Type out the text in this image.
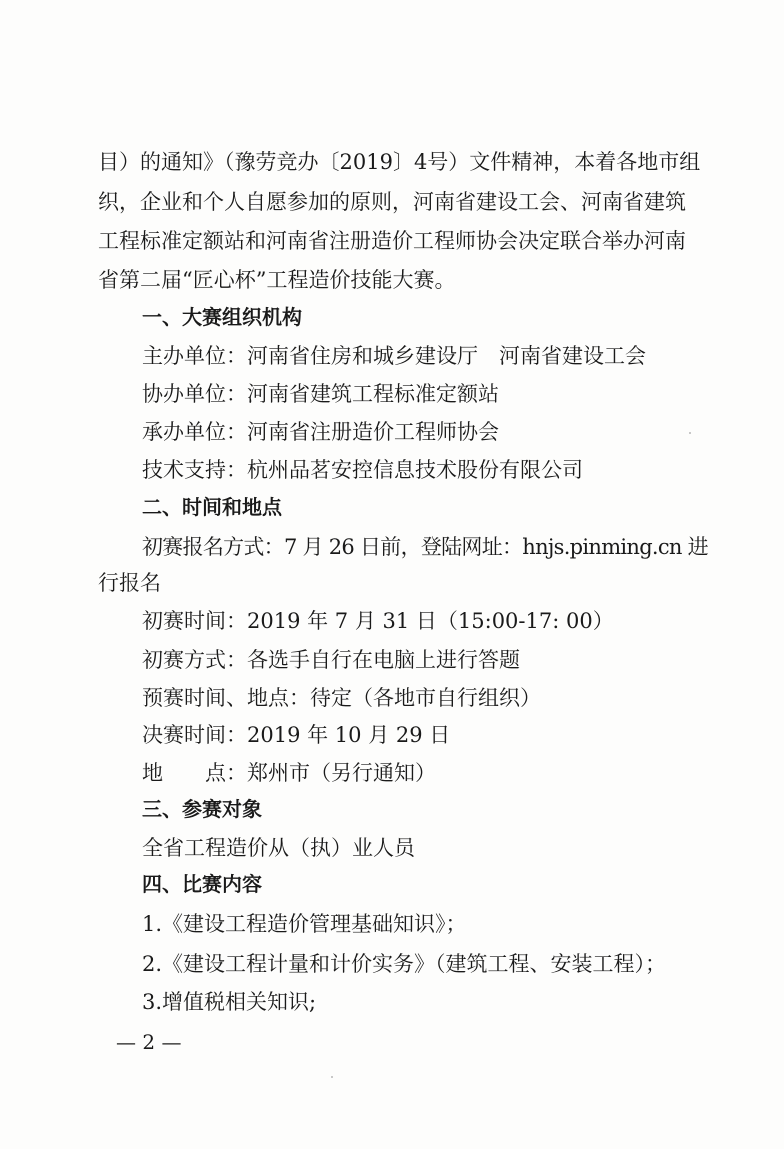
目）的通知》（豫劳竞办〔2019〕4号）文件精神，本着各地市组
织，企业和个人自愿参加的原则，河南省建设工会、河南省建筑
工程标准定额站和河南省注册造价工程师协会决定联合举办河南
省第二届“匠心杯”工程造价技能大赛。
一、大赛组织机构
主办单位：河南省住房和城乡建设厅　河南省建设工会
协办单位：河南省建筑工程标准定额站
承办单位：河南省注册造价工程师协会
技术支持：杭州品茗安控信息技术股份有限公司
二、时间和地点
初赛报名方式：7 月 26 日前，登陆网址：hnjs.pinming.cn 进
行报名
初赛时间：2019 年 7 月 31 日（15:00-17: 00）
初赛方式：各选手自行在电脑上进行答题
预赛时间、地点：待定（各地市自行组织）
决赛时间：2019 年 10 月 29 日
地　　点：郑州市（另行通知）
三、参赛对象
全省工程造价从（执）业人员
四、比赛内容
1.《建设工程造价管理基础知识》；
2.《建设工程计量和计价实务》（建筑工程、安装工程）；
3.增值税相关知识;
— 2 —
